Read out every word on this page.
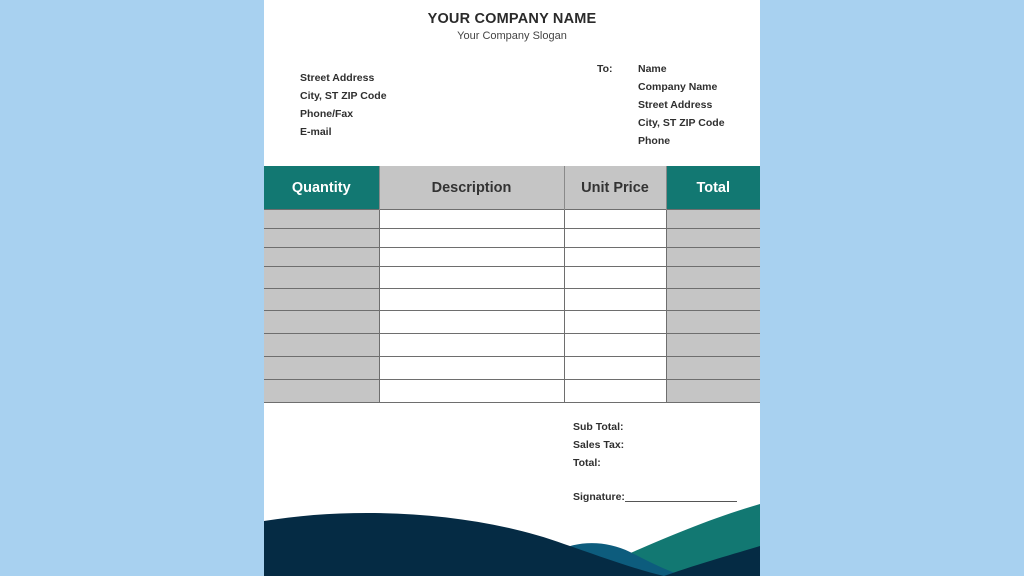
YOUR COMPANY NAME
Your Company Slogan
Street Address
City, ST ZIP Code
Phone/Fax
E-mail
To: Name
Company Name
Street Address
City, ST ZIP Code
Phone
Quantity	Description	Unit Price	Total

Sub Total:
Sales Tax:
Total:
Signature:
